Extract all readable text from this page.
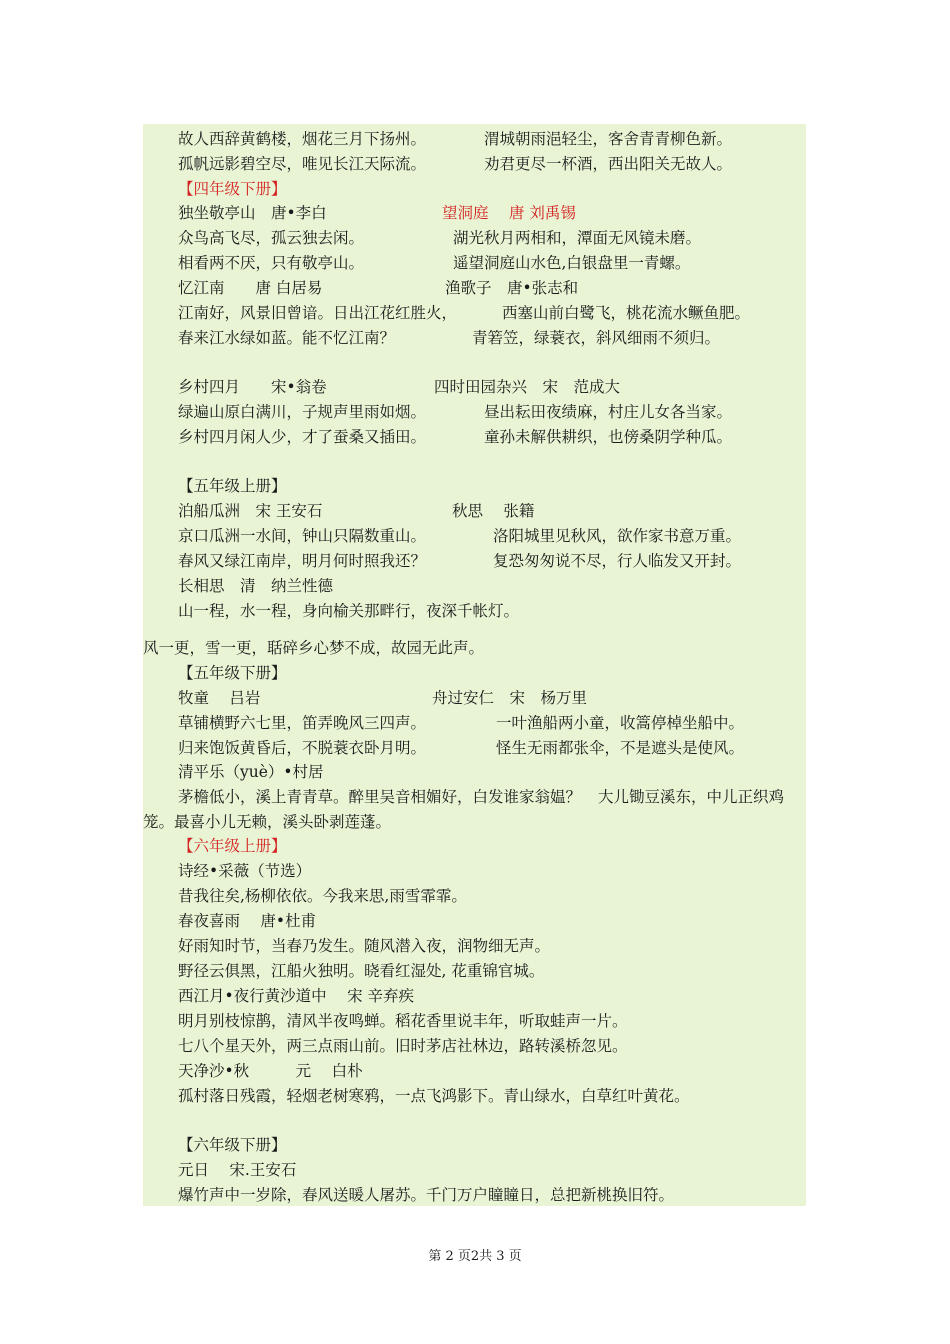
故人西辞黄鹤楼，烟花三月下扬州。	渭城朝雨浥轻尘，客舍青青柳色新。
孤帆远影碧空尽，唯见长江天际流。	劝君更尽一杯酒，西出阳关无故人。
【四年级下册】
独坐敬亭山　唐•李白	望洞庭　 唐 刘禹锡
众鸟高飞尽，孤云独去闲。	湖光秋月两相和，潭面无风镜未磨。
相看两不厌，只有敬亭山。	遥望洞庭山水色,白银盘里一青螺。
忆江南　　唐 白居易	渔歌子　唐•张志和
江南好，风景旧曾谙。日出江花红胜火，	西塞山前白鹭飞，桃花流水鳜鱼肥。
春来江水绿如蓝。能不忆江南？	青箬笠，绿蓑衣，斜风细雨不须归。
乡村四月　　宋•翁卷	四时田园杂兴　宋　范成大
绿遍山原白满川，子规声里雨如烟。	昼出耘田夜绩麻，村庄儿女各当家。
乡村四月闲人少，才了蚕桑又插田。	童孙未解供耕织，也傍桑阴学种瓜。
【五年级上册】
泊船瓜洲　宋 王安石	秋思　 张籍
京口瓜洲一水间，钟山只隔数重山。	洛阳城里见秋风，欲作家书意万重。
春风又绿江南岸，明月何时照我还？	复恐匆匆说不尽，行人临发又开封。
长相思　清　纳兰性德
山一程，水一程，身向榆关那畔行，夜深千帐灯。
风一更，雪一更，聒碎乡心梦不成，故园无此声。
【五年级下册】
牧童　 吕岩	舟过安仁　宋　杨万里
草铺横野六七里，笛弄晚风三四声。	一叶渔船两小童，收篙停棹坐船中。
归来饱饭黄昏后，不脱蓑衣卧月明。	怪生无雨都张伞，不是遮头是使风。
清平乐（yuè）•村居
茅檐低小，溪上青青草。醉里吴音相媚好，白发谁家翁媪？ 大儿锄豆溪东，中儿正织鸡
笼。最喜小儿无赖，溪头卧剥莲蓬。
【六年级上册】
诗经•采薇（节选）
昔我往矣,杨柳依依。今我来思,雨雪霏霏。
春夜喜雨　 唐•杜甫
好雨知时节，当春乃发生。随风潜入夜，润物细无声。
野径云俱黑，江船火独明。晓看红湿处, 花重锦官城。
西江月•夜行黄沙道中　 宋 辛弃疾
明月别枝惊鹊，清风半夜鸣蝉。稻花香里说丰年，听取蛙声一片。
七八个星天外，两三点雨山前。旧时茅店社林边，路转溪桥忽见。
天净沙•秋　　　元　 白朴
孤村落日残霞，轻烟老树寒鸦，一点飞鸿影下。青山绿水，白草红叶黄花。
【六年级下册】
元日　 宋.王安石
爆竹声中一岁除，春风送暖人屠苏。千门万户瞳瞳日，总把新桃换旧符。
第 2 页2共 3 页
